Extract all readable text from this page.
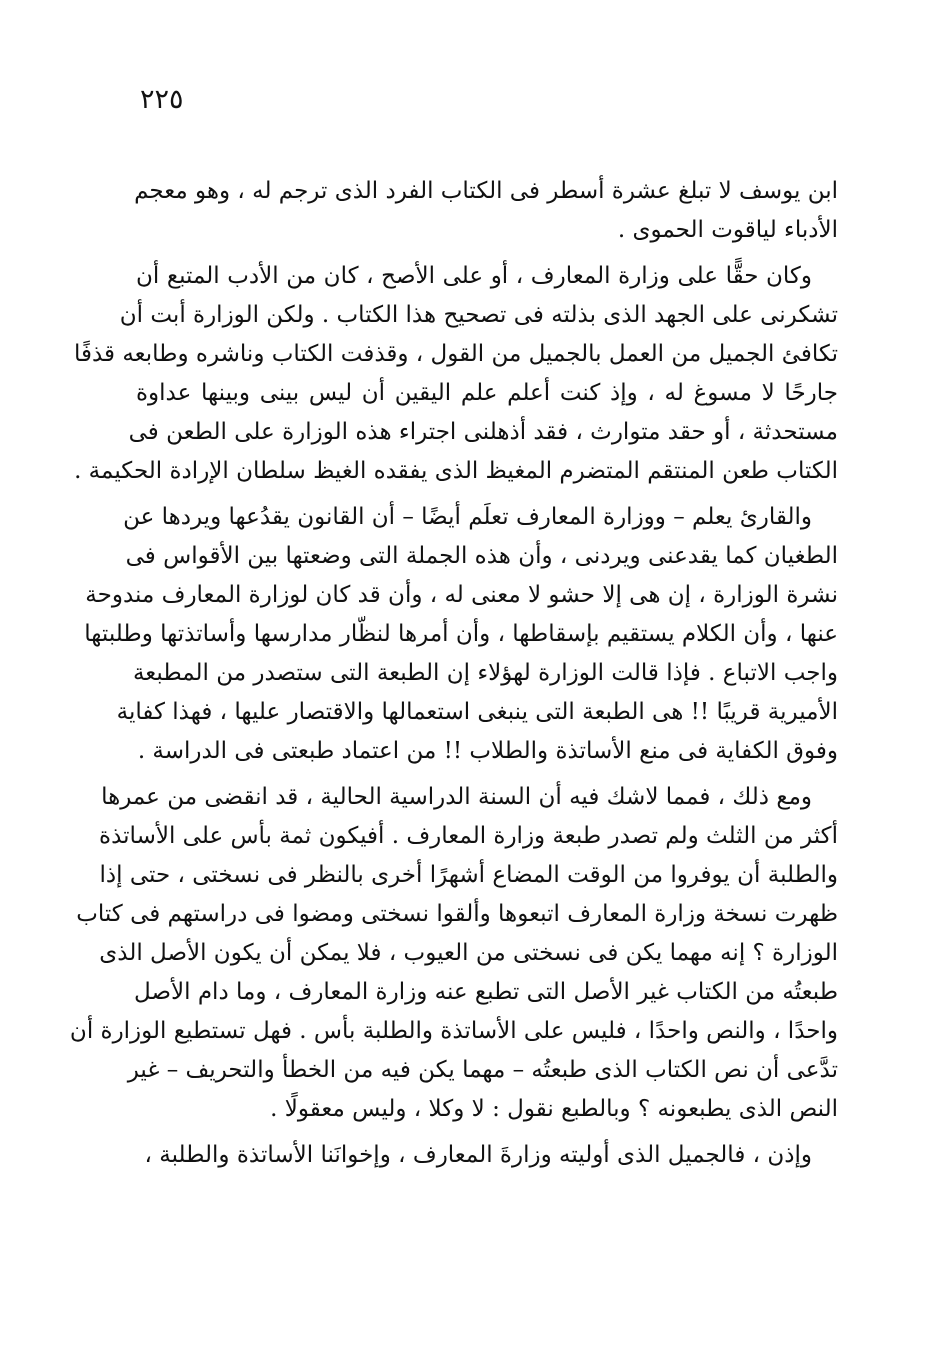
٢٢٥
ابن يوسف لا تبلغ عشرة أسطر فى الكتاب الفرد الذى ترجم له ، وهو معجم
الأدباء لياقوت الحموى .
وكان حقًّا على وزارة المعارف ، أو على الأصح ، كان من الأدب المتبع أن
تشكرنى على الجهد الذى بذلته فى تصحيح هذا الكتاب . ولكن الوزارة أبت أن
تكافئ الجميل من العمل بالجميل من القول ، وقذفت الكتاب وناشره وطابعه قذفًا
جارحًا لا مسوغ له ، وإذ كنت أعلم علم اليقين أن ليس بينى وبينها عداوة
مستحدثة ، أو حقد متوارث ، فقد أذهلنى اجتراء هذه الوزارة على الطعن فى
الكتاب طعن المنتقم المتضرم المغيظ الذى يفقده الغيظ سلطان الإرادة الحكيمة .
والقارئ يعلم – ووزارة المعارف تعلَم أيضًا – أن القانون يقدُعها ويردها عن
الطغيان كما يقدعنى ويردنى ، وأن هذه الجملة التى وضعتها بين الأقواس فى
نشرة الوزارة ، إن هى إلا حشو لا معنى له ، وأن قد كان لوزارة المعارف مندوحة
عنها ، وأن الكلام يستقيم بإسقاطها ، وأن أمرها لنظّار مدارسها وأساتذتها وطلبتها
واجب الاتباع . فإذا قالت الوزارة لهؤلاء إن الطبعة التى ستصدر من المطبعة
الأميرية قريبًا !! هى الطبعة التى ينبغى استعمالها والاقتصار عليها ، فهذا كفاية
وفوق الكفاية فى منع الأساتذة والطلاب !! من اعتماد طبعتى فى الدراسة .
ومع ذلك ، فمما لاشك فيه أن السنة الدراسية الحالية ، قد انقضى من عمرها
أكثر من الثلث ولم تصدر طبعة وزارة المعارف . أفيكون ثمة بأس على الأساتذة
والطلبة أن يوفروا من الوقت المضاع أشهرًا أخرى بالنظر فى نسختى ، حتى إذا
ظهرت نسخة وزارة المعارف اتبعوها وألقوا نسختى ومضوا فى دراستهم فى كتاب
الوزارة ؟ إنه مهما يكن فى نسختى من العيوب ، فلا يمكن أن يكون الأصل الذى
طبعتُه من الكتاب غير الأصل التى تطبع عنه وزارة المعارف ، وما دام الأصل
واحدًا ، والنص واحدًا ، فليس على الأساتذة والطلبة بأس . فهل تستطيع الوزارة أن
تدَّعى أن نص الكتاب الذى طبعتُه – مهما يكن فيه من الخطأ والتحريف – غير
النص الذى يطبعونه ؟ وبالطبع نقول : لا وكلا ، وليس معقولًا .
وإذن ، فالجميل الذى أوليته وزارةَ المعارف ، وإخوانَنا الأساتذة والطلبة ،
